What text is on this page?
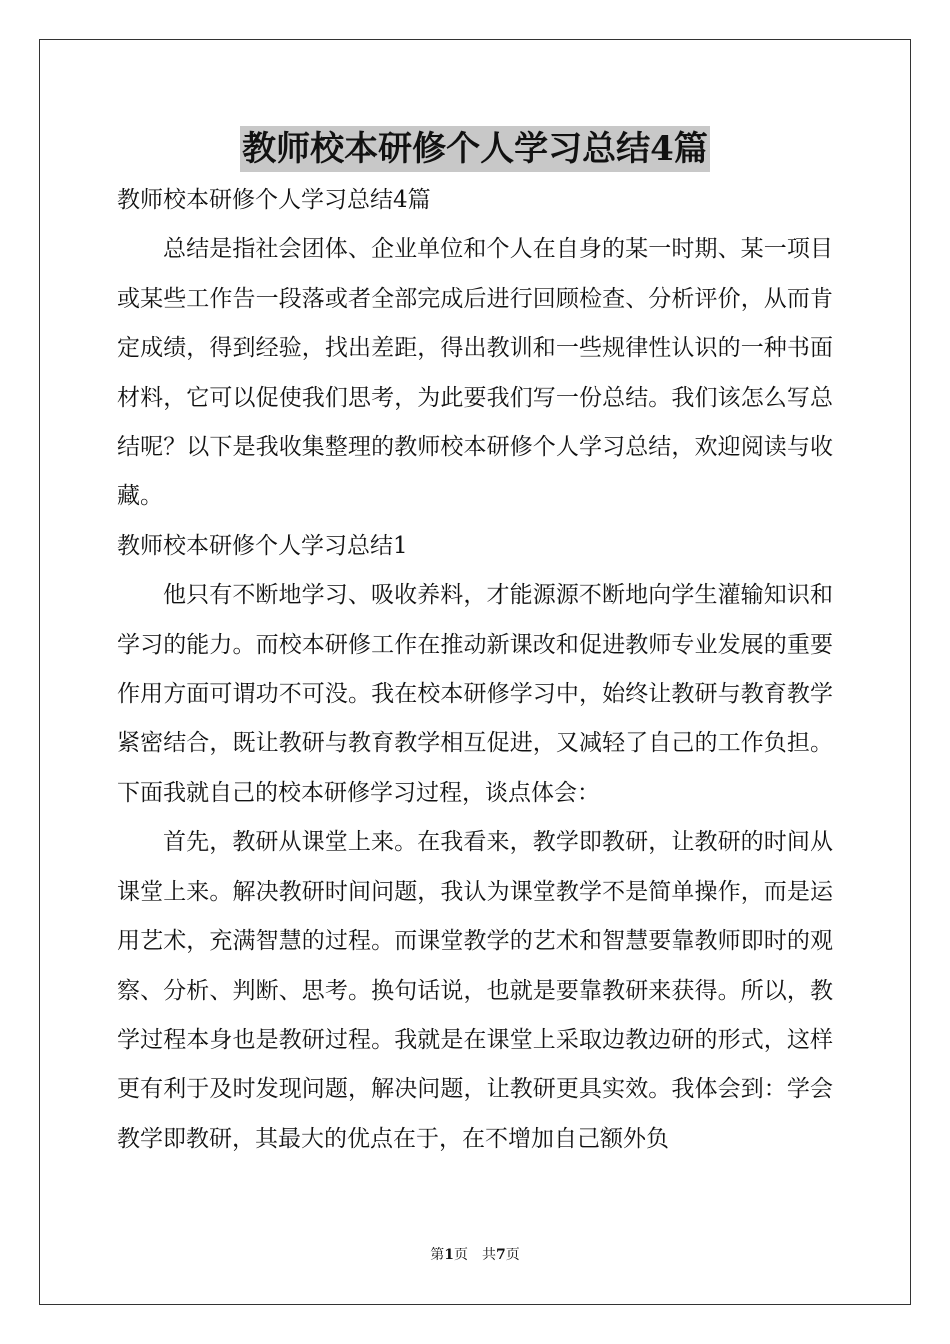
教师校本研修个人学习总结4篇

教师校本研修个人学习总结4篇

总结是指社会团体、企业单位和个人在自身的某一时期、某一项目或某些工作告一段落或者全部完成后进行回顾检查、分析评价，从而肯定成绩，得到经验，找出差距，得出教训和一些规律性认识的一种书面材料，它可以促使我们思考，为此要我们写一份总结。我们该怎么写总结呢？以下是我收集整理的教师校本研修个人学习总结，欢迎阅读与收藏。

教师校本研修个人学习总结1

他只有不断地学习、吸收养料，才能源源不断地向学生灌输知识和学习的能力。而校本研修工作在推动新课改和促进教师专业发展的重要作用方面可谓功不可没。我在校本研修学习中，始终让教研与教育教学紧密结合，既让教研与教育教学相互促进，又减轻了自己的工作负担。下面我就自己的校本研修学习过程，谈点体会：

首先，教研从课堂上来。在我看来，教学即教研，让教研的时间从课堂上来。解决教研时间问题，我认为课堂教学不是简单操作，而是运用艺术，充满智慧的过程。而课堂教学的艺术和智慧要靠教师即时的观察、分析、判断、思考。换句话说，也就是要靠教研来获得。所以，教学过程本身也是教研过程。我就是在课堂上采取边教边研的形式，这样更有利于及时发现问题，解决问题，让教研更具实效。我体会到：学会教学即教研，其最大的优点在于，在不增加自己额外负

第1页 共7页
